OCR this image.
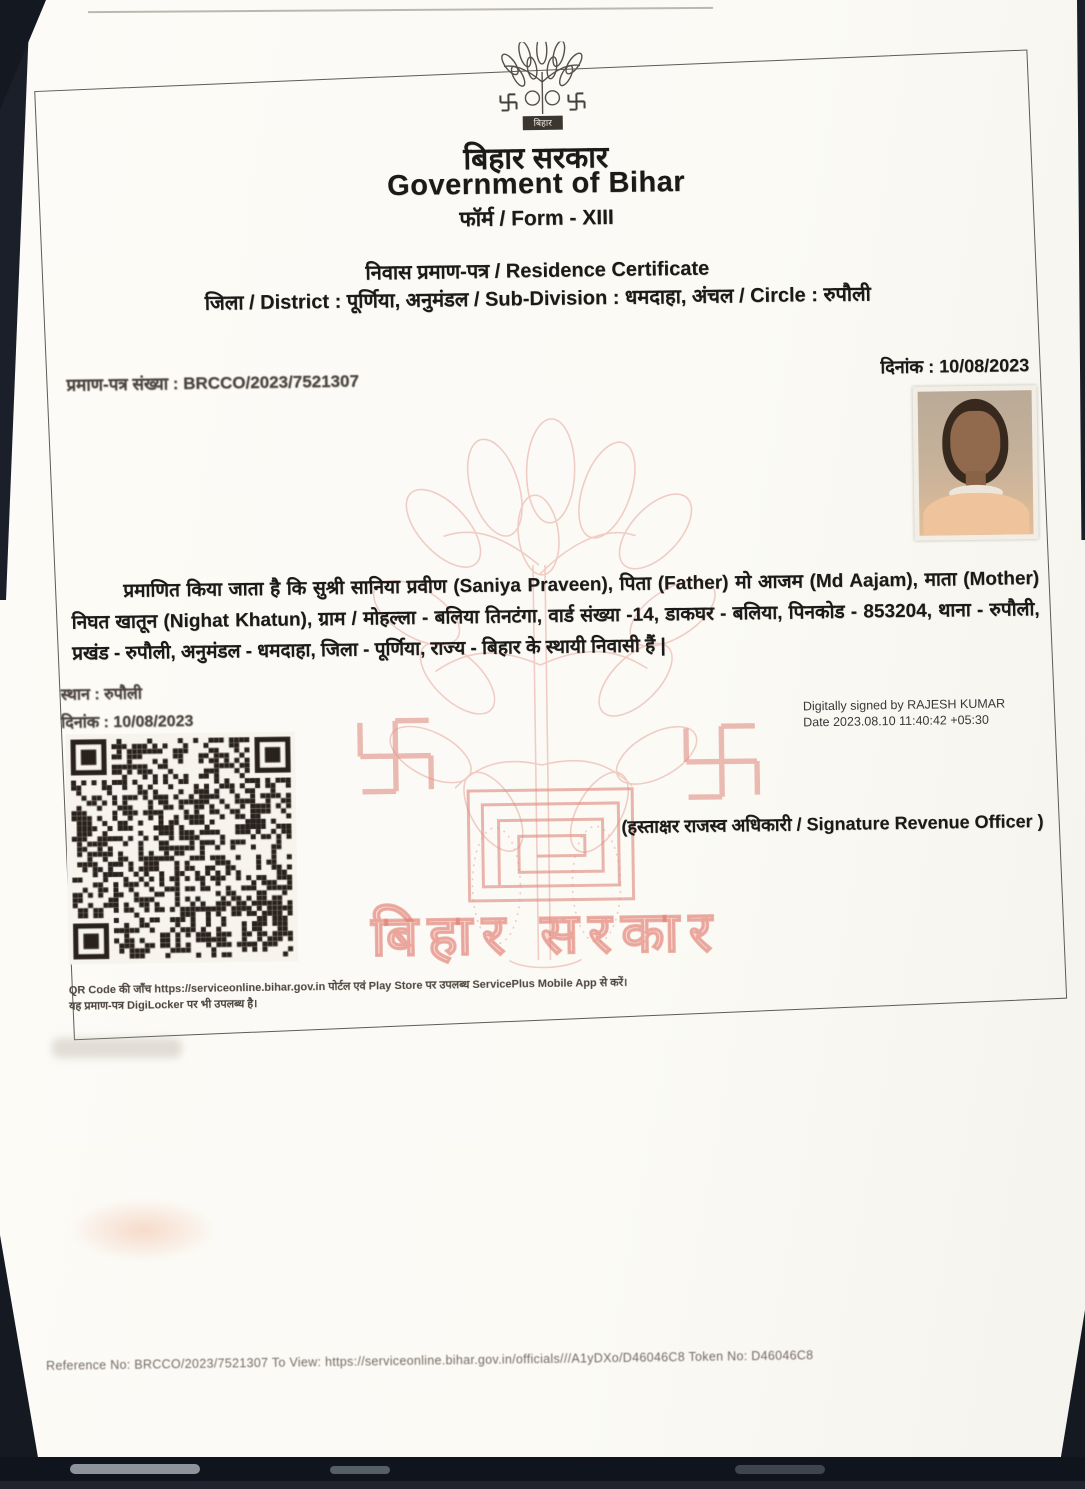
बिहार सरकार
बिहार
बिहार सरकार
Government of Bihar
फॉर्म / Form - XIII
निवास प्रमाण-पत्र / Residence Certificate
जिला / District : पूर्णिया, अनुमंडल / Sub-Division : धमदाहा, अंचल / Circle : रुपौली
प्रमाण-पत्र संख्या : BRCCO/2023/7521307
दिनांक : 10/08/2023
प्रमाणित किया जाता है कि सुश्री सानिया प्रवीण (Saniya Praveen), पिता (Father) मो आजम (Md Aajam), माता (Mother) निघत खातून (Nighat Khatun), ग्राम / मोहल्ला - बलिया तिनटंगा, वार्ड संख्या -14, डाकघर - बलिया, पिनकोड - 853204, थाना - रुपौली, प्रखंड - रुपौली, अनुमंडल - धमदाहा, जिला - पूर्णिया, राज्य - बिहार के स्थायी निवासी हैं |
स्थान : रुपौली
दिनांक : 10/08/2023
Digitally signed by RAJESH KUMAR
Date 2023.08.10 11:40:42 +05:30
(हस्ताक्षर राजस्व अधिकारी / Signature Revenue Officer )
QR Code की जाँच https://serviceonline.bihar.gov.in पोर्टल एवं Play Store पर उपलब्ध ServicePlus Mobile App से करें।
यह प्रमाण-पत्र DigiLocker पर भी उपलब्ध है।
Reference No: BRCCO/2023/7521307 To View: https://serviceonline.bihar.gov.in/officials///A1yDXo/D46046C8 Token No: D46046C8
